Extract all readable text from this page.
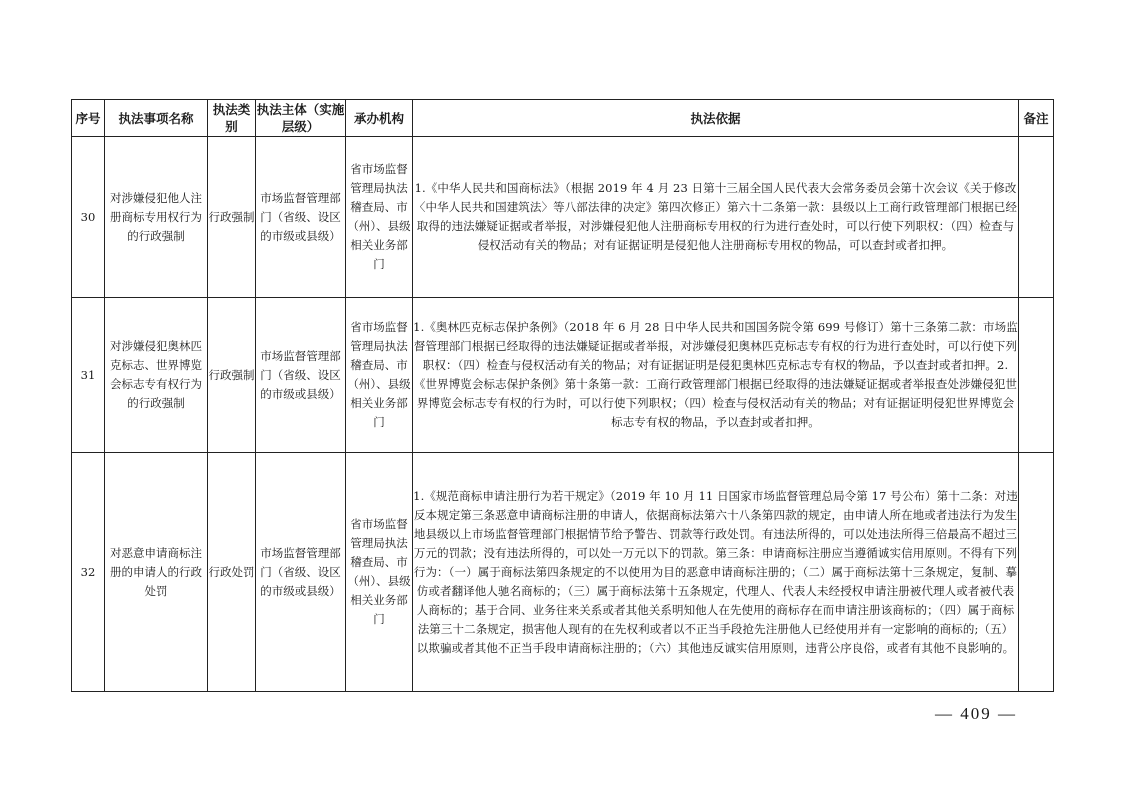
序号	执法事项名称	执法类别	执法主体（实施层级）	承办机构	执法依据	备注
30	对涉嫌侵犯他人注册商标专用权行为的行政强制	行政强制	市场监督管理部门（省级、设区的市级或县级）	省市场监督管理局执法稽查局、市（州）、县级相关业务部门	1.《中华人民共和国商标法》（根据 2019 年 4 月 23 日第十三届全国人民代表大会常务委员会第十次会议《关于修改〈中华人民共和国建筑法〉等八部法律的决定》第四次修正）第六十二条第一款：县级以上工商行政管理部门根据已经取得的违法嫌疑证据或者举报，对涉嫌侵犯他人注册商标专用权的行为进行查处时，可以行使下列职权：（四）检查与侵权活动有关的物品；对有证据证明是侵犯他人注册商标专用权的物品，可以查封或者扣押。	
31	对涉嫌侵犯奥林匹克标志、世界博览会标志专有权行为的行政强制	行政强制	市场监督管理部门（省级、设区的市级或县级）	省市场监督管理局执法稽查局、市（州）、县级相关业务部门	1.《奥林匹克标志保护条例》（2018 年 6 月 28 日中华人民共和国国务院令第 699 号修订）第十三条第二款：市场监督管理部门根据已经取得的违法嫌疑证据或者举报，对涉嫌侵犯奥林匹克标志专有权的行为进行查处时，可以行使下列职权：（四）检查与侵权活动有关的物品；对有证据证明是侵犯奥林匹克标志专有权的物品，予以查封或者扣押。2.《世界博览会标志保护条例》第十条第一款：工商行政管理部门根据已经取得的违法嫌疑证据或者举报查处涉嫌侵犯世界博览会标志专有权的行为时，可以行使下列职权；（四）检查与侵权活动有关的物品；对有证据证明侵犯世界博览会标志专有权的物品，予以查封或者扣押。	
32	对恶意申请商标注册的申请人的行政处罚	行政处罚	市场监督管理部门（省级、设区的市级或县级）	省市场监督管理局执法稽查局、市（州）、县级相关业务部门	1.《规范商标申请注册行为若干规定》（2019 年 10 月 11 日国家市场监督管理总局令第 17 号公布）第十二条：对违反本规定第三条恶意申请商标注册的申请人，依据商标法第六十八条第四款的规定，由申请人所在地或者违法行为发生地县级以上市场监督管理部门根据情节给予警告、罚款等行政处罚。有违法所得的，可以处违法所得三倍最高不超过三万元的罚款；没有违法所得的，可以处一万元以下的罚款。第三条：申请商标注册应当遵循诚实信用原则。不得有下列行为：（一）属于商标法第四条规定的不以使用为目的恶意申请商标注册的；（二）属于商标法第十三条规定，复制、摹仿或者翻译他人驰名商标的；（三）属于商标法第十五条规定，代理人、代表人未经授权申请注册被代理人或者被代表人商标的；基于合同、业务往来关系或者其他关系明知他人在先使用的商标存在而申请注册该商标的；（四）属于商标法第三十二条规定，损害他人现有的在先权利或者以不正当手段抢先注册他人已经使用并有一定影响的商标的;（五）以欺骗或者其他不正当手段申请商标注册的；（六）其他违反诚实信用原则，违背公序良俗，或者有其他不良影响的。	
— 409 —
